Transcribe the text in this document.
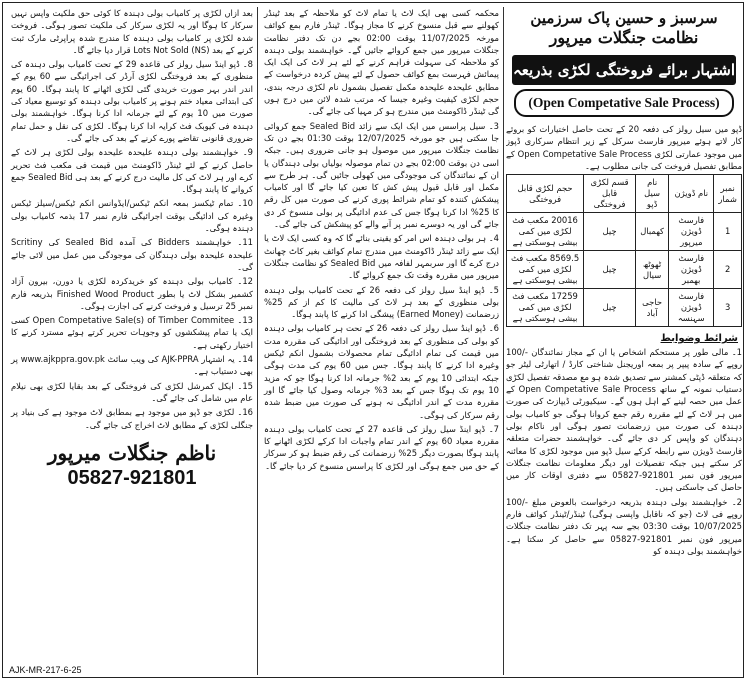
سرسبز و حسین پاک سرزمین
نظامت جنگلات میرپور
اشتہار برائے فروختگی لکڑی بذریعہ
(Open Competative Sale Process)

ڈپو میں سیل رولز کی دفعہ 20 کے تحت حاصل اختیارات کو بروئے کار لاتے ہوئے میرپور فارسٹ سرکل کے زیر انتظام سرکاری ڈپوز میں موجود عمارتی لکڑی Open Competative Sale Process کے مطابق تفصیل فروخت کی جانی مطلوب ہے۔

نمبر شمار	نام ڈویژن	نام سیل ڈپو	قسم لکڑی قابل فروختگی	حجم لکڑی قابل فروختگی
1	فارسٹ ڈویژن میرپور	کھمبال	چیل	20016 مکعب فٹ لکڑی میں کمی بیشی ہوسکتی ہے
2	فارسٹ ڈویژن بھمبر	ٹھوٹھ سیال	چیل	8569.5 مکعب فٹ لکڑی میں کمی بیشی ہوسکتی ہے
3	فارسٹ ڈویژن سہنسہ	حاجی آباد	چیل	17259 مکعب فٹ لکڑی میں کمی بیشی ہوسکتی ہے
شرائط وضوابط

1۔ مالی طور پر مستحکم اشخاص یا ان کے مجاز نمائندگان -/100 روپے کے سادہ پیپر پر بمعہ اوریجنل شناختی کارڈ / اتھارٹی لیٹر جو کہ متعلقہ ڈپٹی کمشنر سے تصدیق شدہ ہو مع مصدقہ تفصیل لکڑی دستیاب نمونہ کے ساتھ Open Competative Sale Process کے عمل میں حصہ لینے کے اہل ہوں گے۔ سیکیورٹی ڈیپازٹ کی صورت میں ہر لاٹ کے لئے مقررہ رقم جمع کروانا ہوگی جو کامیاب بولی دہندہ کی صورت میں زرضمانت تصور ہوگی اور ناکام بولی دہندگان کو واپس کر دی جائے گی۔ خواہشمند حضرات متعلقہ فارسٹ ڈویژن سے رابطہ کرکے سیل ڈپو میں موجود لکڑی کا معائنہ کر سکتے ہیں جبکہ تفصیلات اور دیگر معلومات نظامت جنگلات میرپور فون نمبر 921801-05827 سے دفتری اوقات کار میں حاصل کی جاسکتی ہیں۔

2۔ خواہشمند بولی دہندہ بذریعہ درخواست بالعوض مبلغ -/100 روپے فی لاٹ (جو کہ ناقابل واپسی ہوگی) ٹینڈر/ٹینڈر کوائف فارم 10/07/2025 بوقت 03:30 بجے سہ پہر تک دفتر نظامت جنگلات میرپور فون نمبر 921801-05827 سے حاصل کر سکتا ہے۔ خواہشمند بولی دہندہ کو

محکمہ کسی بھی ایک لاٹ یا تمام لاٹ کو ملاحظہ کے بعد ٹینڈر کھولنے سے قبل منسوخ کرنے کا مجاز ہوگا۔ ٹینڈر فارم بمع کوائف مورخہ 11/07/2025 بوقت 02:00 بجے دن تک دفتر نظامت جنگلات میرپور میں جمع کروائے جائیں گے۔ خواہشمند بولی دہندہ کو ملاحظہ کی سہولت فراہم کرنے کے لئے ہر لاٹ کی ایک ایک پیمائش فہرست بمع کوائف حصول کے لئے پیش کردہ درخواست کے مطابق علیحدہ علیحدہ مکمل تفصیل بشمول نام لکڑی درجہ بندی، حجم لکڑی کیفیت وغیرہ جیسا کہ مرتب شدہ لائن میں درج ہوں گی ٹینڈر ڈاکومنٹ میں مندرج ہو کر مہیا کی جائے گی۔

3۔ سیل پراسس میں ایک ایک سے زائد Sealed Bid جمع کروائی جا سکتی ہیں جو مورخہ 12/07/2025 بوقت 01:30 بجے دن تک نظامت جنگلات میرپور میں موصول ہو جانی ضروری ہیں۔ جبکہ اسی دن بوقت 02:00 بجے دن تمام موصولہ بولیاں بولی دہندگان یا ان کے نمائندگان کی موجودگی میں کھولی جائیں گی۔ ہر طرح سے مکمل اور قابل قبول پیش کش کا تعین کیا جائے گا اور کامیاب پیشکش کنندہ کو تمام شرائط پوری کرنے کی صورت میں کل رقم کا 25% ادا کرنا ہوگا جس کی عدم ادائیگی پر بولی منسوخ کر دی جائے گی اور یہ دوسرے نمبر پر آنے والے کو پیشکش کی جائے گی۔

4۔ ہر بولی دہندہ اس امر کو یقینی بنائے گا کہ وہ کسی ایک لاٹ یا ایک سے زائد ٹینڈر ڈاکومنٹ میں مندرج تمام کوائف بغیر کاٹ چھانٹ درج کرے گا اور سربمہر لفافہ میں Sealed Bid کو نظامت جنگلات میرپور میں مقررہ وقت تک جمع کروائے گا۔

5۔ ڈپو اینڈ سیل رولز کی دفعہ 26 کے تحت کامیاب بولی دہندہ بولی منظوری کے بعد ہر لاٹ کی مالیت کا کم از کم 25% زرضمانت (Earned Money) پیشگی ادا کرنے کا پابند ہوگا۔

6۔ ڈپو اینڈ سیل رولز کی دفعہ 26 کے تحت ہر کامیاب بولی دہندہ کو بولی کی منظوری کے بعد فروختگی اور ادائیگی کی مقررہ مدت میں قیمت کی تمام ادائیگی تمام محصولات بشمول انکم ٹیکس وغیرہ ادا کرنے کا پابند ہوگا۔ جس میں 60 یوم کی مدت ہوگی جبکہ ابتدائی 10 یوم کے بعد 2% جرمانہ ادا کرنا ہوگا جو کہ مزید 10 یوم تک ہوگا جس کے بعد 3% جرمانہ وصول کیا جائے گا اور مقررہ مدت کے اندر ادائیگی نہ ہونے کی صورت میں ضبط شدہ رقم سرکار کی ہوگی۔

7۔ ڈپو اینڈ سیل رولز کی قاعدہ 27 کے تحت کامیاب بولی دہندہ مقررہ معیاد 60 یوم کے اندر تمام واجبات ادا کرکے لکڑی اٹھانے کا پابند ہوگا بصورت دیگر 25% زرضمانت کی رقم ضبط ہو کر سرکار کے حق میں جمع ہوگی اور لکڑی کا پراسس منسوخ کر دیا جائے گا۔

بعد ازاں لکڑی پر کامیاب بولی دہندہ کا کوئی حق ملکیت واپس نہیں سرکار کا ہوگا اور یہ لکڑی سرکار کی ملکیت تصور ہوگی۔ فروخت شدہ لکڑی پر کامیاب بولی دہندہ کا مندرج شدہ پراپرٹی مارک ثبت کرنے کے بعد Lots Not Sold (NS) قرار دیا جائے گا۔

8۔ ڈپو اینڈ سیل رولز کی قاعدہ 29 کے تحت کامیاب بولی دہندہ کی منظوری کے بعد فروختگی لکڑی آرڈر کی اجرائیگی سے 60 یوم کے اندر اندر بہر صورت خریدی گئی لکڑی اٹھانے کا پابند ہوگا۔ 60 یوم کی ابتدائی معیاد ختم ہونے پر کامیاب بولی دہندہ کو توسیع معیاد کی صورت میں 10 یوم کے لئے جرمانہ ادا کرنا ہوگا۔ خواہشمند بولی دہندہ فی کیوبک فٹ کرایہ ادا کرنا ہوگا۔ لکڑی کی نقل و حمل تمام ضروری قانونی تقاضے پورے کرنے کے بعد کی جائے گی۔

9۔ خواہشمند بولی دہندہ علیحدہ علیحدہ بولی لکڑی ہر لاٹ کے حاصل کرنے کے لئے ٹینڈر ڈاکومنٹ میں قیمت فی مکعب فٹ تحریر کرے اور ہر لاٹ کی کل مالیت درج کرنے کے بعد ہی Sealed Bid جمع کروانے کا پابند ہوگا۔

10۔ تمام ٹیکسز بمعہ انکم ٹیکس/ایڈوانس انکم ٹیکس/سیلز ٹیکس وغیرہ کی ادائیگی بوقت اجرائیگی فارم نمبر 17 بذمہ کامیاب بولی دہندہ ہوگی۔

11۔ خواہشمند Bidders کی آمدہ Sealed Bid کی Scritiny علیحدہ علیحدہ بولی دہندگان کی موجودگی میں عمل میں لائی جائے گی۔

12۔ کامیاب بولی دہندہ کو خریدکردہ لکڑی یا دورن، بیرون آزاد کشمیر بشکل لاٹ یا بطور Finished Wood Product بذریعہ فارم نمبر 25 ترسیل و فروخت کرنے کی اجازت ہوگی۔

13۔ Open Competative Sale(s) of Timber Commitee کسی ایک یا تمام پیشکشوں کو وجوہات تحریر کرتے ہوئے مسترد کرنے کا اختیار رکھتی ہے۔

14۔ یہ اشتہار AJK-PPRA کی ویب سائٹ www.ajkppra.gov.pk پر بھی دستیاب ہے۔

15۔ ایکل کمرشل لکڑی کی فروختگی کے بعد بقایا لکڑی بھی نیلام عام میں شامل کی جائے گی۔

16۔ لکڑی جو ڈپو میں موجود ہے بمطابق لاٹ موجود ہے کی بنیاد پر جنگلی لکڑی کے مطابق لاٹ اخراج کی جائے گی۔

ناظم جنگلات میرپور
05827-921801
AJK-MR-217-6-25
